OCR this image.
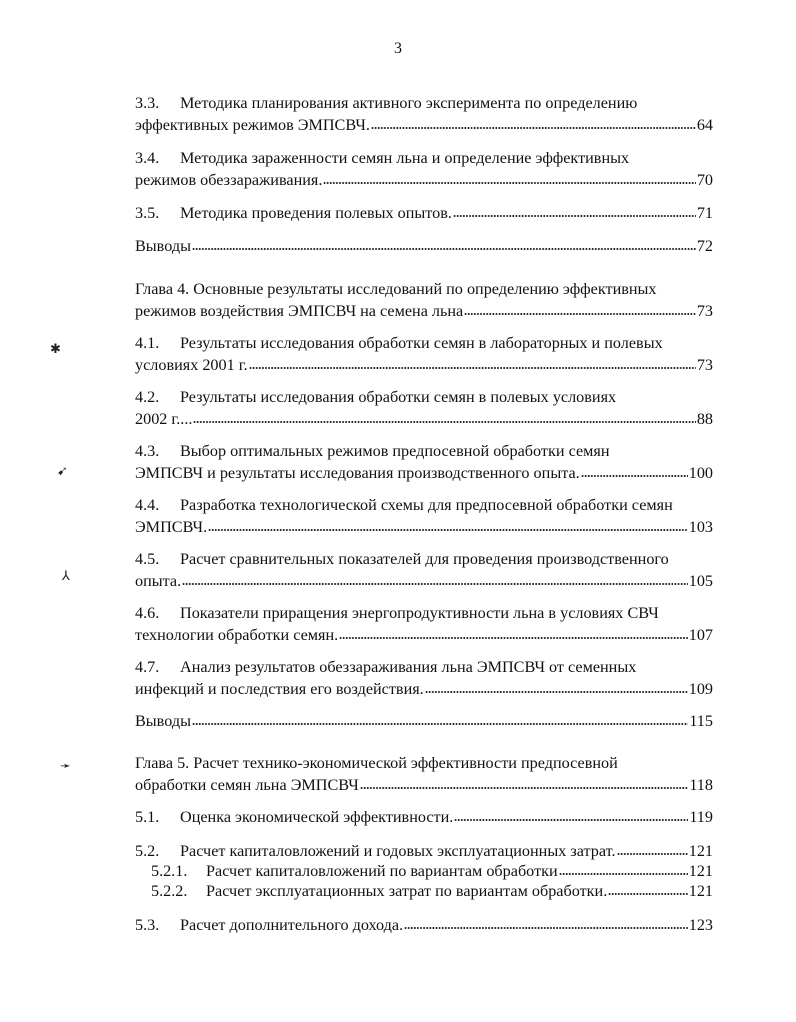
3
3.3. Методика планирования активного эксперимента по определению
эффективных режимов ЭМПСВЧ.	64
3.4. Методика зараженности семян льна и определение эффективных
режимов обеззараживания.	70
3.5.	Методика проведения полевых опытов.	71
Выводы	72
Глава 4. Основные результаты исследований по определению эффективных
режимов воздействия ЭМПСВЧ на семена льна	73
4.1. Результаты исследования обработки семян в лабораторных и полевых
условиях 2001 г.	73
4.2. Результаты исследования обработки семян в полевых условиях
2002 г....	88
4.3. Выбор оптимальных режимов предпосевной обработки семян
ЭМПСВЧ и результаты исследования производственного опыта.	100
4.4. Разработка технологической схемы для предпосевной обработки семян
ЭМПСВЧ.	103
4.5. Расчет сравнительных показателей для проведения производственного
опыта.	105
4.6. Показатели приращения энергопродуктивности льна в условиях СВЧ
технологии обработки семян.	107
4.7. Анализ результатов обеззараживания льна ЭМПСВЧ от семенных
инфекций и последствия его воздействия.	109
Выводы	115
Глава 5. Расчет технико-экономической эффективности предпосевной
обработки семян льна ЭМПСВЧ	118
5.1.	Оценка экономической эффективности.	119
5.2.	Расчет капиталовложений и годовых эксплуатационных затрат.	121
5.2.1.	Расчет капиталовложений по вариантам обработки	121
5.2.2.	Расчет эксплуатационных затрат по вариантам обработки.	121
5.3.	Расчет дополнительного дохода.	123
✱
➹
⅄
➛
